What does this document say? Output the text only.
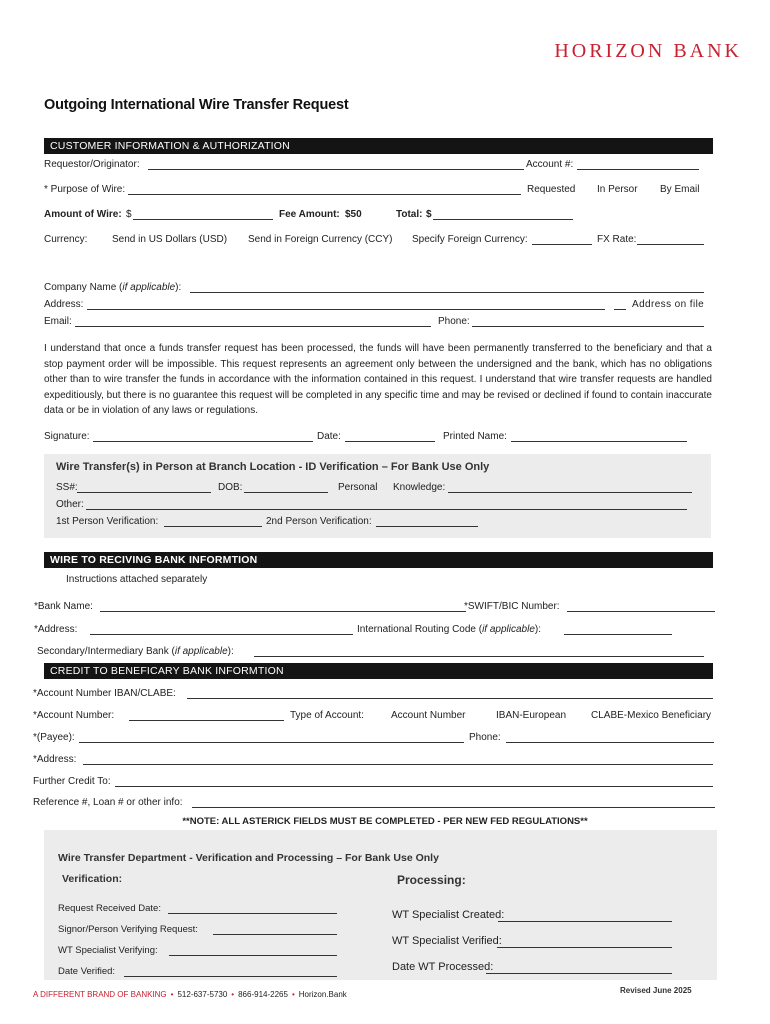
HORIZON BANK
Outgoing International Wire Transfer Request
CUSTOMER INFORMATION & AUTHORIZATION
Requestor/Originator:	Account #:
* Purpose of Wire:	Requested In Persor By Email
Amount of Wire: $	Fee Amount: $50	Total: $
Currency: Send in US Dollars (USD) Send in Foreign Currency (CCY) Specify Foreign Currency:	FX Rate:
Company Name (if applicable):
Address:	Address on file
Email:	Phone:
I understand that once a funds transfer request has been processed, the funds will have been permanently transferred to the beneficiary and that a stop payment order will be impossible. This request represents an agreement only between the undersigned and the bank, which has no obligations other than to wire transfer the funds in accordance with the information contained in this request. I understand that wire transfer requests are handled expeditiously, but there is no guarantee this request will be completed in any specific time and may be revised or declined if found to contain inaccurate data or be in violation of any laws or regulations.
Signature:	Date:	Printed Name:
Wire Transfer(s) in Person at Branch Location - ID Verification – For Bank Use Only
SS#:	DOB:	Personal Knowledge:
Other:
1st Person Verification:	2nd Person Verification:
WIRE TO RECIVING BANK INFORMTION
Instructions attached separately
*Bank Name:	*SWIFT/BIC Number:
*Address:	International Routing Code (if applicable):
Secondary/Intermediary Bank (if applicable):
CREDIT TO BENEFICARY BANK INFORMTION
*Account Number IBAN/CLABE:
*Account Number:	Type of Account:	Account Number	IBAN-European CLABE-Mexico Beneficiary
*(Payee):	Phone:
*Address:
Further Credit To:
Reference #, Loan # or other info:
**NOTE: ALL ASTERICK FIELDS MUST BE COMPLETED - PER NEW FED REGULATIONS**
Wire Transfer Department - Verification and Processing – For Bank Use Only
Verification:	Processing:
Request Received Date:
Signor/Person Verifying Request:
WT Specialist Verifying:
Date Verified:
WT Specialist Created:
WT Specialist Verified:
Date WT Processed:
A DIFFERENT BRAND OF BANKING • 512-637-5730 • 866-914-2265 • Horizon.Bank	Revised June 2025
